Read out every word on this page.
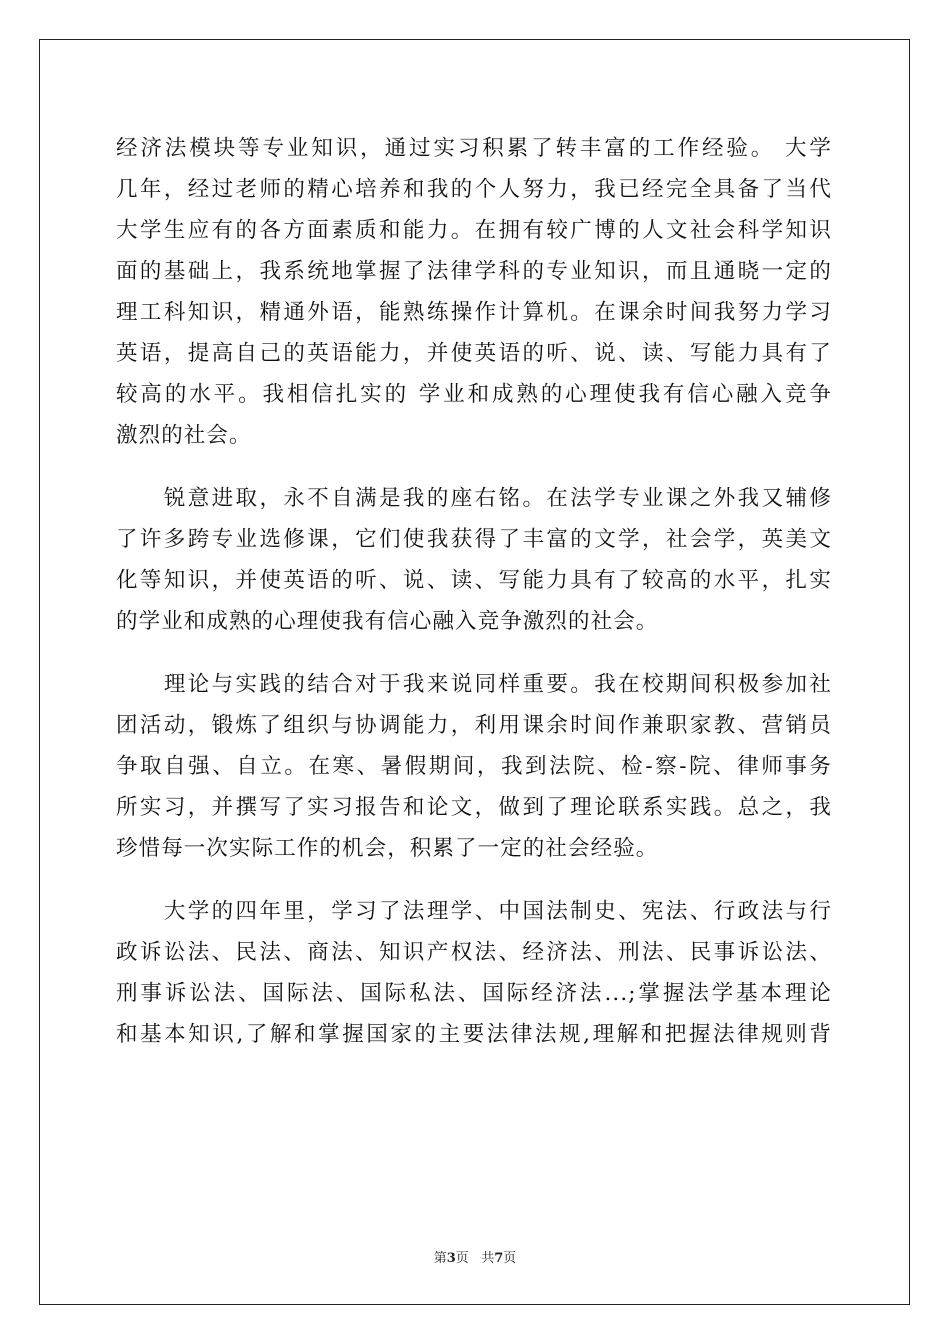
经济法模块等专业知识，通过实习积累了转丰富的工作经验。 大学
几年，经过老师的精心培养和我的个人努力，我已经完全具备了当代
大学生应有的各方面素质和能力。在拥有较广博的人文社会科学知识
面的基础上，我系统地掌握了法律学科的专业知识，而且通晓一定的
理工科知识，精通外语，能熟练操作计算机。在课余时间我努力学习
英语，提高自己的英语能力，并使英语的听、说、读、写能力具有了
较高的水平。我相信扎实的 学业和成熟的心理使我有信心融入竞争
激烈的社会。
　　锐意进取，永不自满是我的座右铭。在法学专业课之外我又辅修
了许多跨专业选修课，它们使我获得了丰富的文学，社会学，英美文
化等知识，并使英语的听、说、读、写能力具有了较高的水平，扎实
的学业和成熟的心理使我有信心融入竞争激烈的社会。
　　理论与实践的结合对于我来说同样重要。我在校期间积极参加社
团活动，锻炼了组织与协调能力，利用课余时间作兼职家教、营销员
争取自强、自立。在寒、暑假期间，我到法院、检-察-院、律师事务
所实习，并撰写了实习报告和论文，做到了理论联系实践。总之，我
珍惜每一次实际工作的机会，积累了一定的社会经验。
　　大学的四年里，学习了法理学、中国法制史、宪法、行政法与行
政诉讼法、民法、商法、知识产权法、经济法、刑法、民事诉讼法、
刑事诉讼法、国际法、国际私法、国际经济法...;掌握法学基本理论
和基本知识,了解和掌握国家的主要法律法规,理解和把握法律规则背
第3页 共7页
